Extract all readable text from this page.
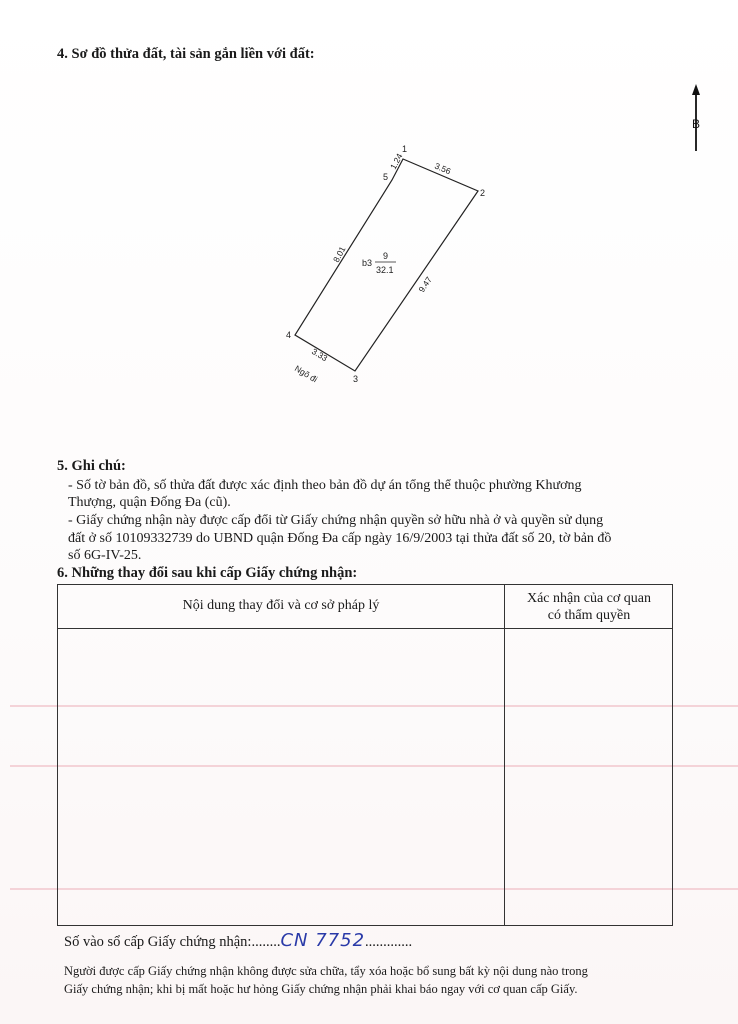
4. Sơ đồ thửa đất, tài sản gắn liền với đất:
B
1
2
3
4
5
3.56
9.47
3.33
8.01
1.24
b3
9
32.1
Ngõ đi
5. Ghi chú:
- Số tờ bản đồ, số thửa đất được xác định theo bản đồ dự án tổng thể thuộc phường Khương
Thượng, quận Đống Đa (cũ).
- Giấy chứng nhận này được cấp đổi từ Giấy chứng nhận quyền sở hữu nhà ở và quyền sử dụng
đất ở số 10109332739 do UBND quận Đống Đa cấp ngày 16/9/2003 tại thửa đất số 20, tờ bản đồ
số 6G-IV-25.
6. Những thay đổi sau khi cấp Giấy chứng nhận:
Nội dung thay đổi và cơ sở pháp lý	Xác nhận của cơ quan
có thẩm quyền
Số vào sổ cấp Giấy chứng nhận:........CN 7752.............
Người được cấp Giấy chứng nhận không được sửa chữa, tẩy xóa hoặc bổ sung bất kỳ nội dung nào trong
Giấy chứng nhận; khi bị mất hoặc hư hỏng Giấy chứng nhận phải khai báo ngay với cơ quan cấp Giấy.
